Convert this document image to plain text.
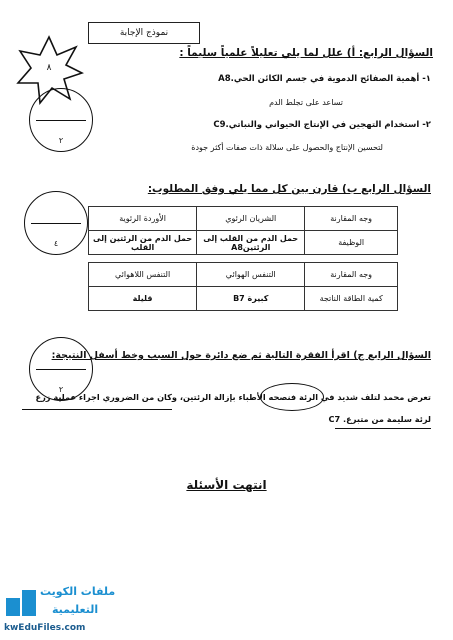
٨
نموذج الإجابة
السؤال الرابع: أ) علل لما يلي تعليلاً علمياً سليماً :
٢
١- أهمية الصفائح الدموية في جسم الكائن الحي.A8
تساعد على تجلط الدم
٢- استخدام التهجين في الإنتاج الحيواني والنباتي.C9
لتحسين الإنتاج والحصول على سلالة ذات صفات أكثر جودة
السؤال الرابع ب) قارن بين كل مما يلي وفق المطلوب:
٤
وجه المقارنة	الشريان الرئوي	الأوردة الرئوية
الوظيفة	حمل الدم من القلب إلى الرئتينA8	حمل الدم من الرئتين إلى القلب
وجه المقارنة	التنفس الهوائي	التنفس اللاهوائي
كمية الطاقة الناتجة	كبيرة B7	قليلة
٢
السؤال الرابع ج) اقرأ الفقرة التالية ثم ضع دائرة حول السبب وخط أسفل النتيجة:
تعرض محمد لتلف شديد في الرئة فنصحه الأطباء بإزالة الرئتين، وكان من الضروري اجراء عملية زرع
لرئة سليمة من متبرع. C7
انتهت الأسئلة
ملفات الكويت
التعليمية
kwEduFiles.com
